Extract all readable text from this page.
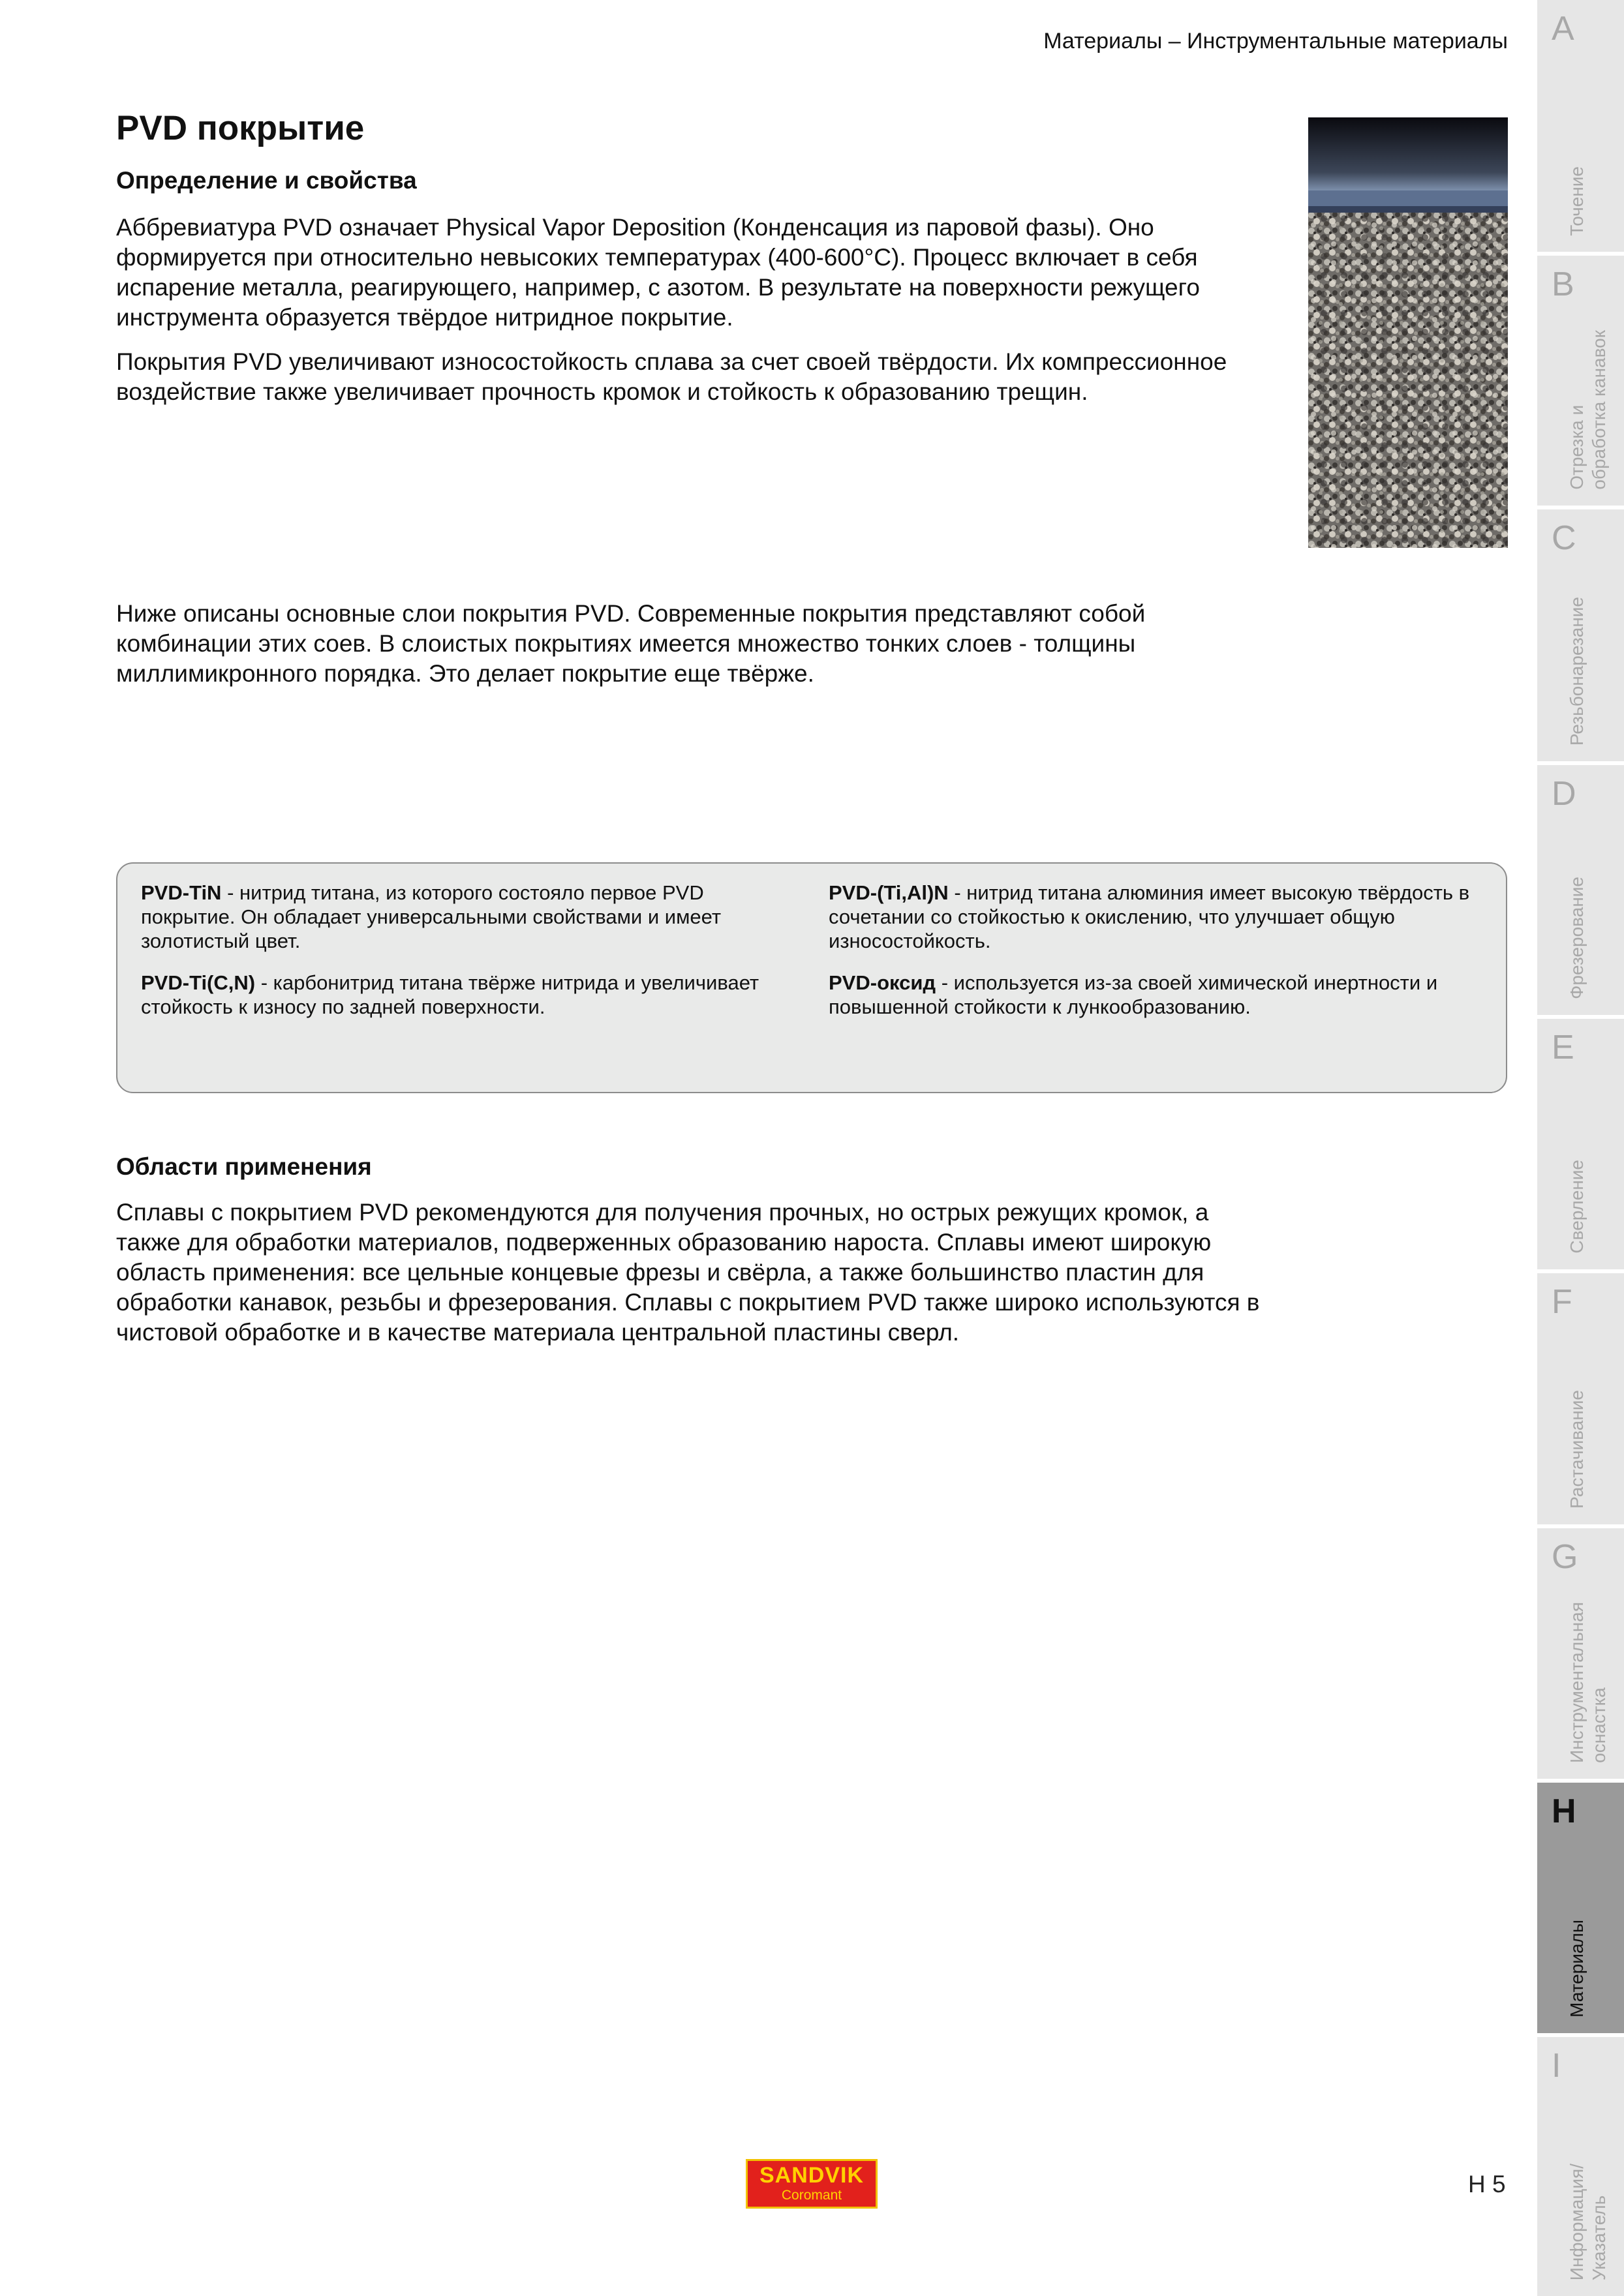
Материалы – Инструментальные материалы
PVD покрытие
Определение и свойства

Аббревиатура PVD означает Physical Vapor Deposition (Конденсация из паровой фазы). Оно формируется при относительно невысоких температурах (400-600°С). Процесс включает в себя испарение металла, реагирующего, например, с азотом. В результате на поверхности режущего инструмента образуется твёрдое нитридное покрытие.

Покрытия PVD увеличивают износостойкость сплава за счет своей твёрдости. Их компрессионное воздействие также увеличивает прочность кромок и стойкость к образованию трещин.

Ниже описаны основные слои покрытия PVD. Современные покрытия представляют собой комбинации этих соев. В слоистых покрытиях имеется множество тонких слоев - толщины миллимикронного порядка. Это делает покрытие еще твёрже.

PVD-TiN - нитрид титана, из которого состояло первое PVD покрытие. Он обладает универсальными свойствами и имеет золотистый цвет.

PVD-Ti(C,N) - карбонитрид титана твёрже нитрида и увеличивает стойкость к износу по задней поверхности.

PVD-(Ti,Al)N - нитрид титана алюминия имеет высокую твёрдость в сочетании со стойкостью к окислению, что улучшает общую износостойкость.

PVD-оксид - используется из-за своей химической инертности и повышенной стойкости к лункообразованию.

Области применения

Сплавы с покрытием PVD рекомендуются для получения прочных, но острых режущих кромок, а также для обработки материалов, подверженных образованию нароста. Сплавы имеют широкую область применения: все цельные концевые фрезы и свёрла, а также большинство пластин для обработки канавок, резьбы и фрезерования. Сплавы с покрытием PVD также широко используются в чистовой обработке и в качестве материала центральной пластины сверл.

SANDVIK
Coromant	H 5
A
Точение
B
Отрезка и
обработка канавок
C
Резьбонарезание
D
Фрезерование
E
Сверление
F
Растачивание
G
Инструментальная
оснастка
H
Материалы
I
Информация/
Указатель
